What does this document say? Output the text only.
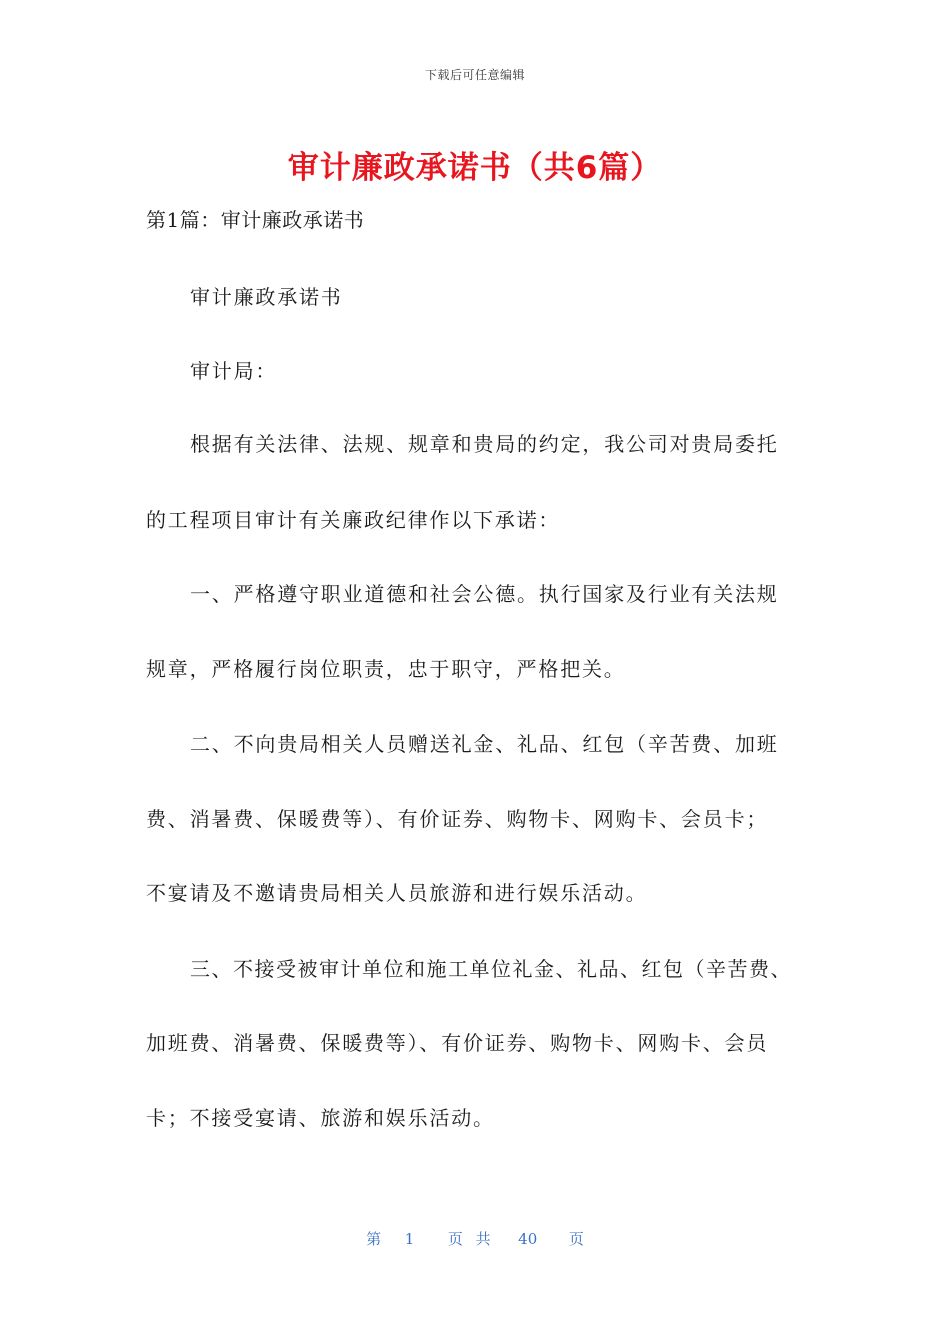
下载后可任意编辑
审计廉政承诺书（共6篇）
第1篇：审计廉政承诺书
审计廉政承诺书
审计局：
根据有关法律、法规、规章和贵局的约定，我公司对贵局委托
的工程项目审计有关廉政纪律作以下承诺：
一、严格遵守职业道德和社会公德。执行国家及行业有关法规
规章，严格履行岗位职责，忠于职守，严格把关。
二、不向贵局相关人员赠送礼金、礼品、红包（辛苦费、加班
费、消暑费、保暖费等）、有价证券、购物卡、网购卡、会员卡；
不宴请及不邀请贵局相关人员旅游和进行娱乐活动。
三、不接受被审计单位和施工单位礼金、礼品、红包（辛苦费、
加班费、消暑费、保暖费等）、有价证券、购物卡、网购卡、会员
卡；不接受宴请、旅游和娱乐活动。
第 1 页 共 40 页
